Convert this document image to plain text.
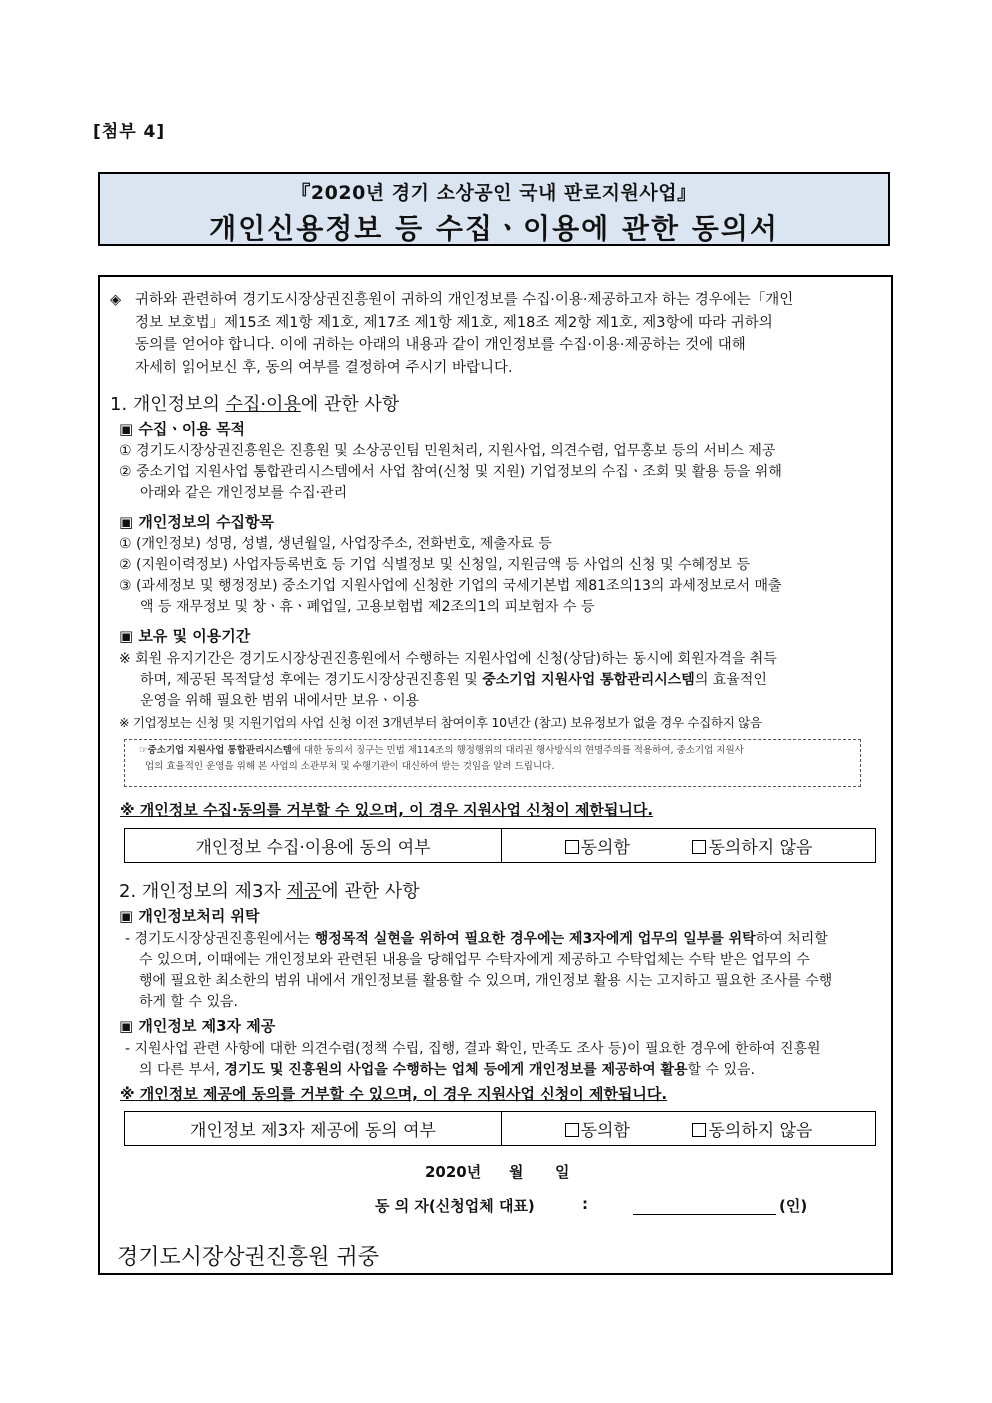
[첨부 4]
『2020년 경기 소상공인 국내 판로지원사업』
개인신용정보 등 수집ㆍ이용에 관한 동의서
◈ 귀하와 관련하여 경기도시장상권진흥원이 귀하의 개인정보를 수집·이용·제공하고자 하는 경우에는「개인
정보 보호법」제15조 제1항 제1호, 제17조 제1항 제1호, 제18조 제2항 제1호, 제3항에 따라 귀하의
동의를 얻어야 합니다. 이에 귀하는 아래의 내용과 같이 개인정보를 수집·이용·제공하는 것에 대해
자세히 읽어보신 후, 동의 여부를 결정하여 주시기 바랍니다.
1. 개인정보의 수집·이용에 관한 사항
▣ 수집ㆍ이용 목적
① 경기도시장상권진흥원은 진흥원 및 소상공인팀 민원처리, 지원사업, 의견수렴, 업무홍보 등의 서비스 제공
② 중소기업 지원사업 통합관리시스템에서 사업 참여(신청 및 지원) 기업정보의 수집ㆍ조회 및 활용 등을 위해
아래와 같은 개인정보를 수집·관리
▣ 개인정보의 수집항목
① (개인정보) 성명, 성별, 생년월일, 사업장주소, 전화번호, 제출자료 등
② (지원이력정보) 사업자등록번호 등 기업 식별정보 및 신청일, 지원금액 등 사업의 신청 및 수혜정보 등
③ (과세정보 및 행정정보) 중소기업 지원사업에 신청한 기업의 국세기본법 제81조의13의 과세정보로서 매출
액 등 재무정보 및 창ㆍ휴ㆍ폐업일, 고용보험법 제2조의1의 피보험자 수 등
▣ 보유 및 이용기간
※ 회원 유지기간은 경기도시장상권진흥원에서 수행하는 지원사업에 신청(상담)하는 동시에 회원자격을 취득
하며, 제공된 목적달성 후에는 경기도시장상권진흥원 및 중소기업 지원사업 통합관리시스템의 효율적인
운영을 위해 필요한 범위 내에서만 보유ㆍ이용
※ 기업정보는 신청 및 지원기업의 사업 신청 이전 3개년부터 참여이후 10년간 (참고) 보유정보가 없을 경우 수집하지 않음
☞중소기업 지원사업 통합관리시스템에 대한 동의서 징구는 민법 제114조의 행정행위의 대리권 행사방식의 현명주의를 적용하여, 중소기업 지원사
업의 효율적인 운영을 위해 본 사업의 소관부처 및 수행기관이 대신하여 받는 것임을 알려 드립니다.
※ 개인정보 수집·동의를 거부할 수 있으며, 이 경우 지원사업 신청이 제한됩니다.
개인정보 수집·이용에 동의 여부	동의함	동의하지 않음
2. 개인정보의 제3자 제공에 관한 사항
▣ 개인정보처리 위탁
- 경기도시장상권진흥원에서는 행정목적 실현을 위하여 필요한 경우에는 제3자에게 업무의 일부를 위탁하여 처리할
수 있으며, 이때에는 개인정보와 관련된 내용을 당해업무 수탁자에게 제공하고 수탁업체는 수탁 받은 업무의 수
행에 필요한 최소한의 범위 내에서 개인정보를 활용할 수 있으며, 개인정보 활용 시는 고지하고 필요한 조사를 수행
하게 할 수 있음.
▣ 개인정보 제3자 제공
- 지원사업 관련 사항에 대한 의견수렴(정책 수립, 집행, 결과 확인, 만족도 조사 등)이 필요한 경우에 한하여 진흥원
의 다른 부서, 경기도 및 진흥원의 사업을 수행하는 업체 등에게 개인정보를 제공하여 활용할 수 있음.
※ 개인정보 제공에 동의를 거부할 수 있으며, 이 경우 지원사업 신청이 제한됩니다.
개인정보 제3자 제공에 동의 여부	동의함	동의하지 않음
2020년 월 일
동 의 자(신청업체 대표)	:	(인)
경기도시장상권진흥원 귀중
